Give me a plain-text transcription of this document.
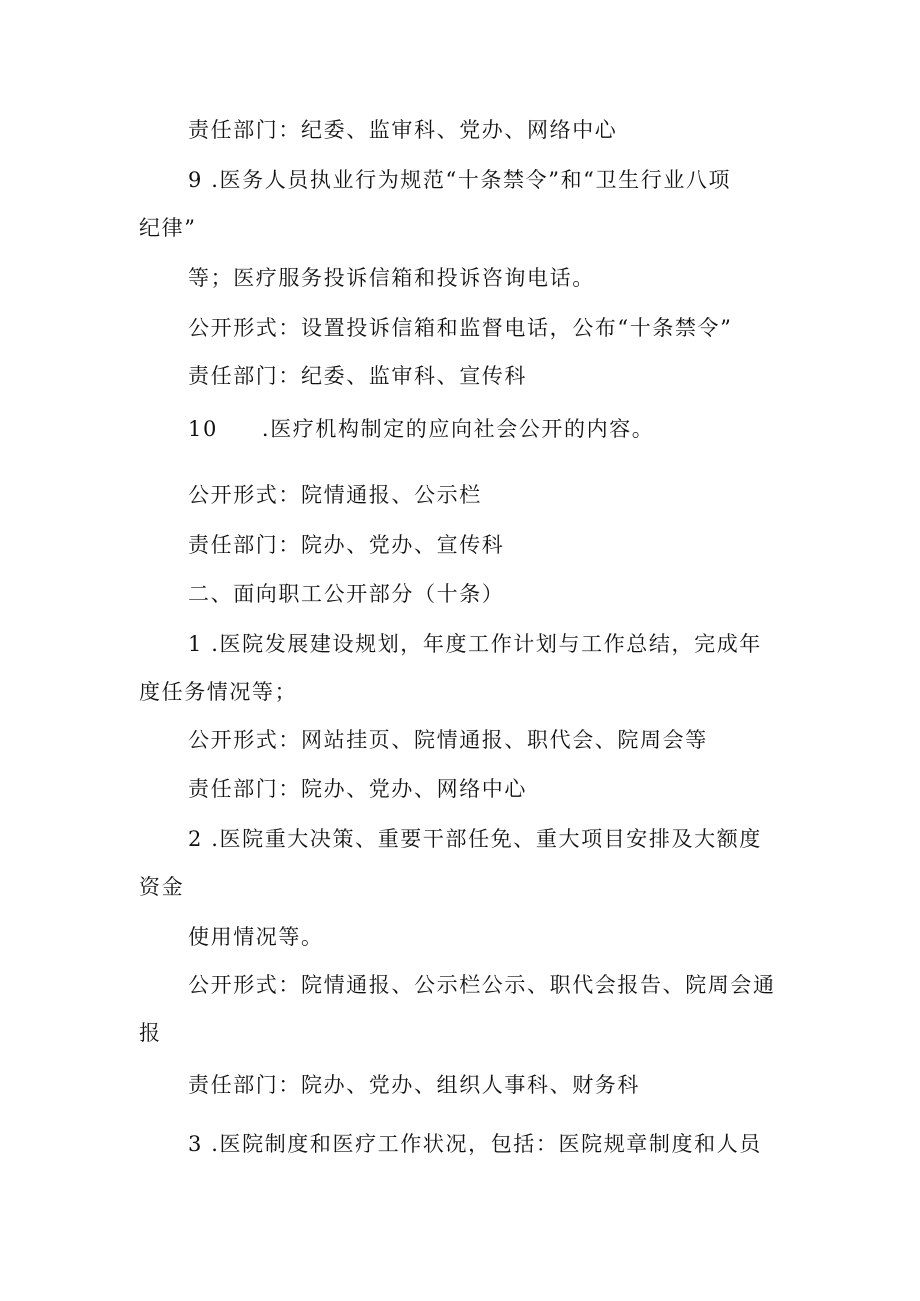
责任部门：纪委、监审科、党办、网络中心

9 .医务人员执业行为规范“十条禁令”和“卫生行业八项

纪律”

等；医疗服务投诉信箱和投诉咨询电话。

公开形式：设置投诉信箱和监督电话，公布“十条禁令”

责任部门：纪委、监审科、宣传科

10 .医疗机构制定的应向社会公开的内容。

公开形式：院情通报、公示栏

责任部门：院办、党办、宣传科

二、面向职工公开部分（十条）

1 .医院发展建设规划，年度工作计划与工作总结，完成年

度任务情况等；

公开形式：网站挂页、院情通报、职代会、院周会等

责任部门：院办、党办、网络中心

2 .医院重大决策、重要干部任免、重大项目安排及大额度

资金

使用情况等。

公开形式：院情通报、公示栏公示、职代会报告、院周会通

报

责任部门：院办、党办、组织人事科、财务科

3 .医院制度和医疗工作状况，包括：医院规章制度和人员
